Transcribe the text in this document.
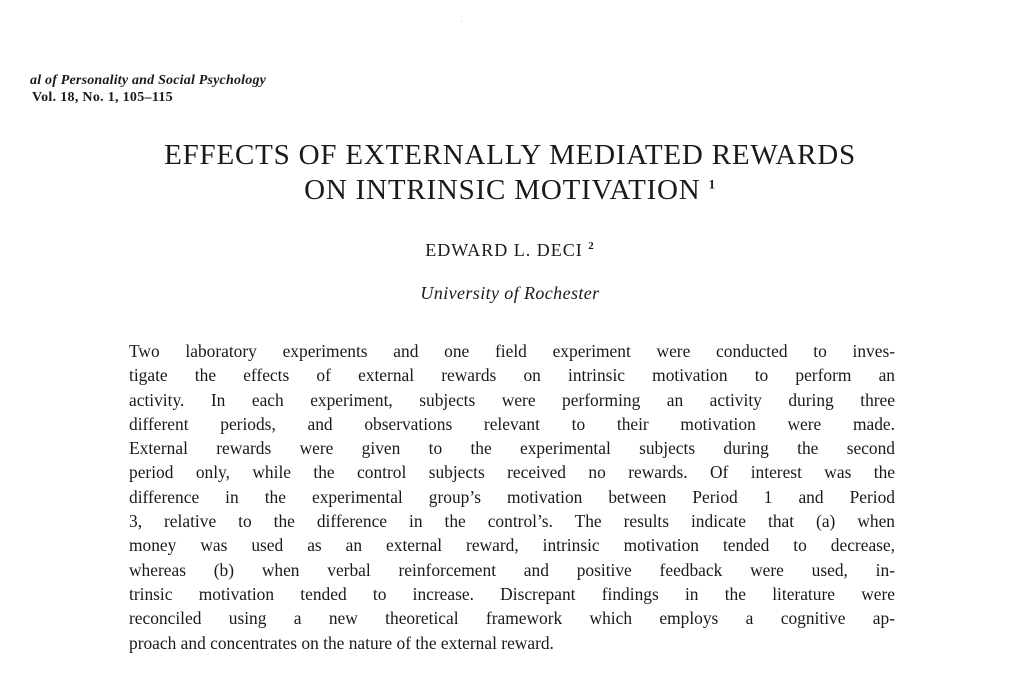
al of Personality and Social Psychology
Vol. 18, No. 1, 105–115
EFFECTS OF EXTERNALLY MEDIATED REWARDS
ON INTRINSIC MOTIVATION $^1$
EDWARD L. DECI $^2$
University of Rochester
Two laboratory experiments and one field experiment were conducted to inves-
tigate the effects of external rewards on intrinsic motivation to perform an
activity. In each experiment, subjects were performing an activity during three
different periods, and observations relevant to their motivation were made.
External rewards were given to the experimental subjects during the second
period only, while the control subjects received no rewards. Of interest was the
difference in the experimental group’s motivation between Period 1 and Period
3, relative to the difference in the control’s. The results indicate that (a) when
money was used as an external reward, intrinsic motivation tended to decrease,
whereas (b) when verbal reinforcement and positive feedback were used, in-
trinsic motivation tended to increase. Discrepant findings in the literature were
reconciled using a new theoretical framework which employs a cognitive ap-
proach and concentrates on the nature of the external reward.
